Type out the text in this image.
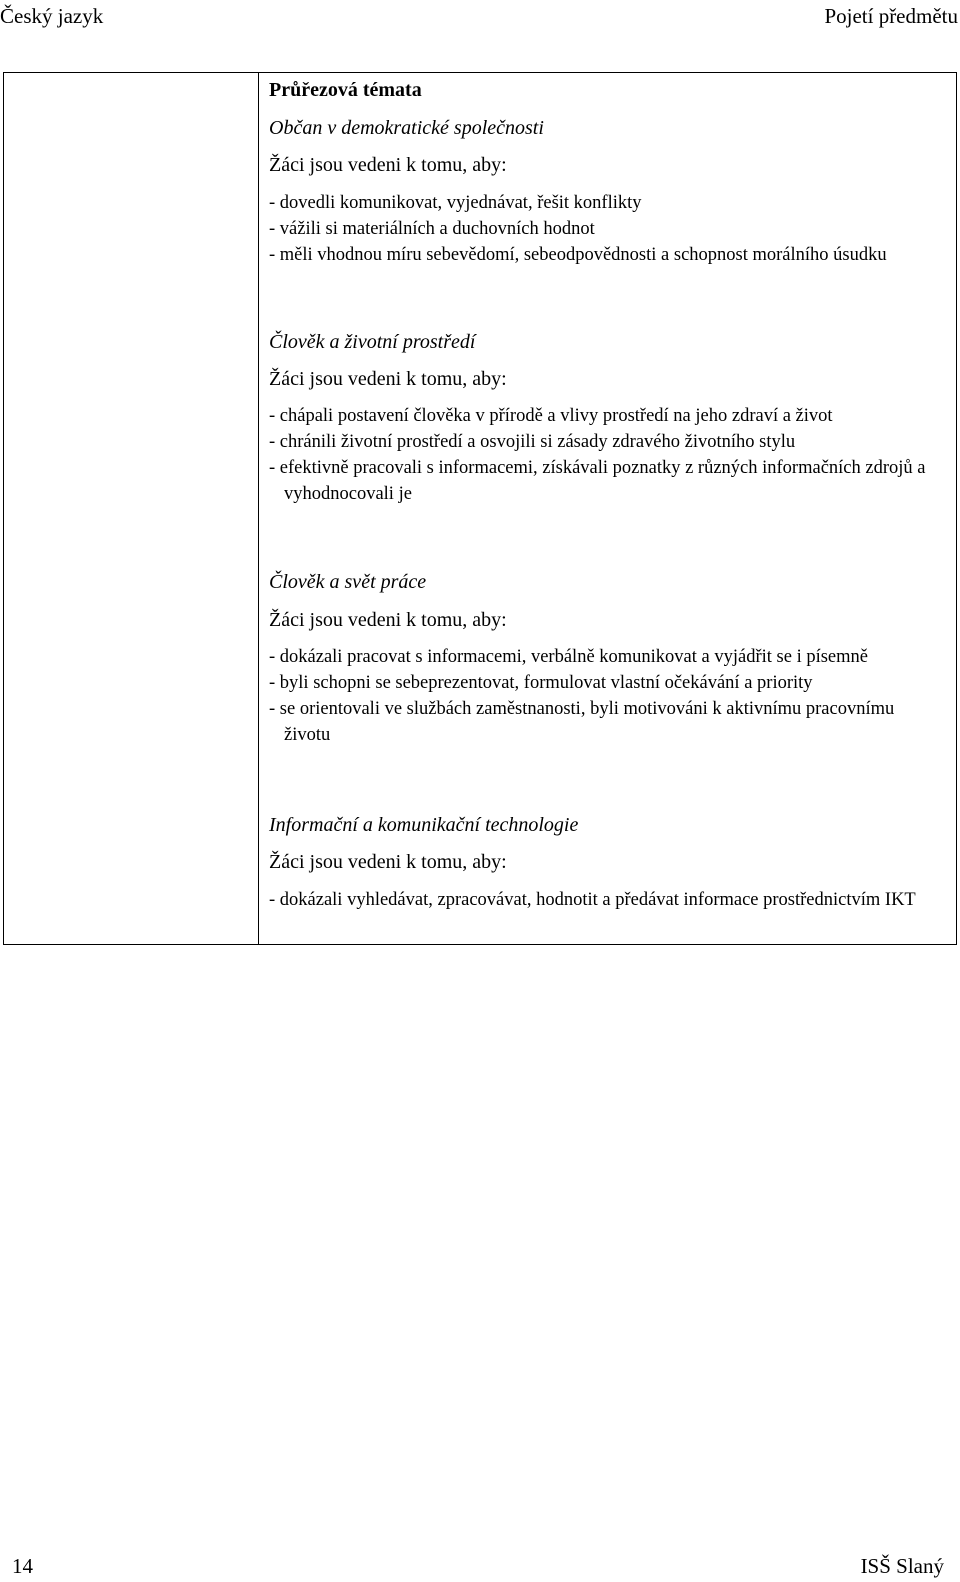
Český jazyk	Pojetí předmětu
Průřezová témata
Občan v demokratické společnosti
Žáci jsou vedeni k tomu, aby:
- dovedli komunikovat, vyjednávat, řešit konflikty
- vážili si materiálních a duchovních hodnot
- měli vhodnou míru sebevědomí, sebeodpovědnosti a schopnost morálního úsudku
Člověk a životní prostředí
Žáci jsou vedeni k tomu, aby:
- chápali postavení člověka v přírodě a vlivy prostředí na jeho zdraví a život
- chránili životní prostředí a osvojili si zásady zdravého životního stylu
- efektivně pracovali s informacemi, získávali poznatky z různých informačních zdrojů a vyhodnocovali je
Člověk a svět práce
Žáci jsou vedeni k tomu, aby:
- dokázali pracovat s informacemi, verbálně komunikovat a vyjádřit se i písemně
- byli schopni se sebeprezentovat, formulovat vlastní očekávání a priority
- se orientovali ve službách zaměstnanosti, byli motivováni k aktivnímu pracovnímu životu
Informační a komunikační technologie
Žáci jsou vedeni k tomu, aby:
- dokázali vyhledávat, zpracovávat, hodnotit a předávat informace prostřednictvím IKT
14	ISŠ Slaný
